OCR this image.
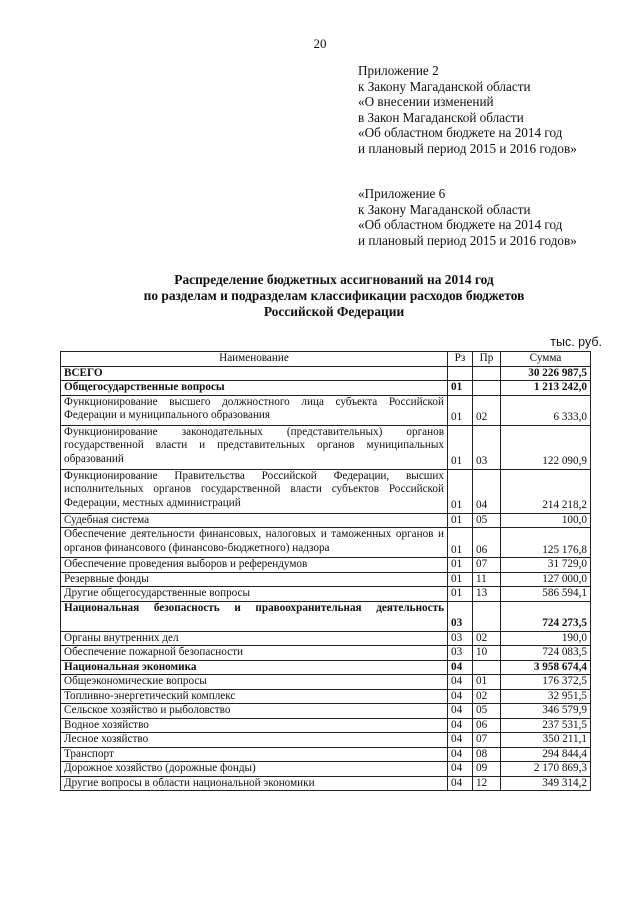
20
Приложение 2
к Закону Магаданской области
«О внесении изменений
в Закон Магаданской области
«Об областном бюджете на 2014 год
и плановый период 2015 и 2016 годов»
«Приложение 6
к Закону Магаданской области
«Об областном бюджете на 2014 год
и плановый период 2015 и 2016 годов»
Распределение бюджетных ассигнований на 2014 год
по разделам и подразделам классификации расходов бюджетов
Российской Федерации
тыс. руб.
Наименование	Рз	Пр	Сумма
ВСЕГО			30 226 987,5
Общегосударственные вопросы	01		1 213 242,0
Функционирование высшего должностного лица субъекта Российской Федерации и муниципального образования	01	02	6 333,0
Функционирование законодательных (представительных) органов государственной власти и представительных органов муниципальных образований	01	03	122 090,9
Функционирование Правительства Российской Федерации, высших исполнительных органов государственной власти субъектов Российской Федерации, местных администраций	01	04	214 218,2
Судебная система	01	05	100,0
Обеспечение деятельности финансовых, налоговых и таможенных органов и органов финансового (финансово-бюджетного) надзора	01	06	125 176,8
Обеспечение проведения выборов и референдумов	01	07	31 729,0
Резервные фонды	01	11	127 000,0
Другие общегосударственные вопросы	01	13	586 594,1
Национальная безопасность и правоохранительная деятельность	03		724 273,5
Органы внутренних дел	03	02	190,0
Обеспечение пожарной безопасности	03	10	724 083,5
Национальная экономика	04		3 958 674,4
Общеэкономические вопросы	04	01	176 372,5
Топливно-энергетический комплекс	04	02	32 951,5
Сельское хозяйство и рыболовство	04	05	346 579,9
Водное хозяйство	04	06	237 531,5
Лесное хозяйство	04	07	350 211,1
Транспорт	04	08	294 844,4
Дорожное хозяйство (дорожные фонды)	04	09	2 170 869,3
Другие вопросы в области национальной экономики	04	12	349 314,2
